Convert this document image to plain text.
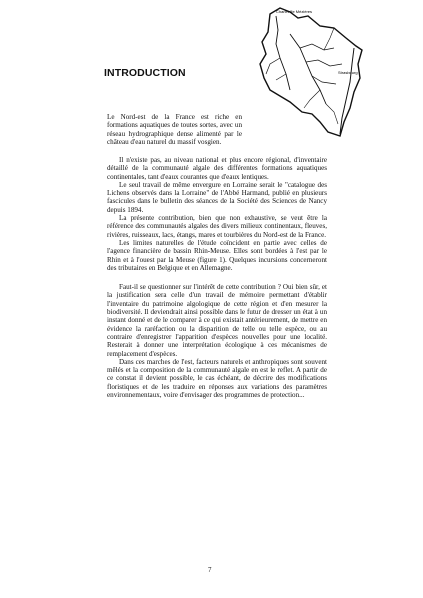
INTRODUCTION
Charleville Mézières
Strasbourg

Le Nord-est de la France est riche en formations aquatiques de toutes sortes, avec un réseau hydrographique dense alimenté par le château d'eau naturel du massif vosgien.

Il n'existe pas, au niveau national et plus encore régional, d'inventaire détaillé de la communauté algale des différentes formations aquatiques continentales, tant d'eaux courantes que d'eaux lentiques.

Le seul travail de même envergure en Lorraine serait le "catalogue des Lichens observés dans la Lorraine" de l'Abbé Harmand, publié en plusieurs fascicules dans le bulletin des séances de la Société des Sciences de Nancy depuis 1894.

La présente contribution, bien que non exhaustive, se veut être la référence des communautés algales des divers milieux continentaux, fleuves, rivières, ruisseaux, lacs, étangs, mares et tourbières du Nord-est de la France.

Les limites naturelles de l'étude coïncident en partie avec celles de l'agence financière de bassin Rhin-Meuse. Elles sont bordées à l'est par le Rhin et à l'ouest par la Meuse (figure 1). Quelques incursions concerneront des tributaires en Belgique et en Allemagne.

Faut-il se questionner sur l'intérêt de cette contribution ? Oui bien sûr, et la justification sera celle d'un travail de mémoire permettant d'établir l'inventaire du patrimoine algologique de cette région et d'en mesurer la biodiversité. Il deviendrait ainsi possible dans le futur de dresser un état à un instant donné et de le comparer à ce qui existait antérieurement, de mettre en évidence la raréfaction ou la disparition de telle ou telle espèce, ou au contraire d'enregistrer l'apparition d'espèces nouvelles pour une localité. Resterait à donner une interprétation écologique à ces mécanismes de remplacement d'espèces.

Dans ces marches de l'est, facteurs naturels et anthropiques sont souvent mêlés et la composition de la communauté algale en est le reflet. A partir de ce constat il devient possible, le cas échéant, de décrire des modifications floristiques et de les traduire en réponses aux variations des paramètres environnementaux, voire d'envisager des programmes de protection...

7
